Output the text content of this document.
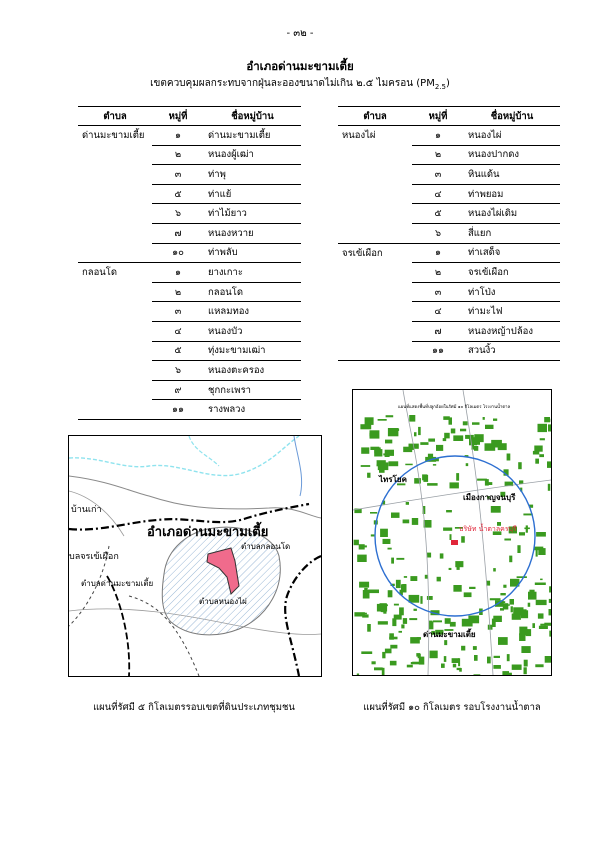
- ๓๒ -
อำเภอด่านมะขามเตี้ย
เขตควบคุมผลกระทบจากฝุ่นละอองขนาดไม่เกิน ๒.๕ ไมครอน $(PM_{2.5})$
ตำบล	หมู่ที่	ชื่อหมู่บ้าน
ด่านมะขามเตี้ย	๑	ด่านมะขามเตี้ย
	๒	หนองผู้เฒ่า
	๓	ท่าพุ
	๕	ท่าแย้
	๖	ท่าไม้ยาว
	๗	หนองหวาย
	๑๐	ท่าพลับ
กลอนโด	๑	ยางเกาะ
	๒	กลอนโด
	๓	แหลมทอง
	๔	หนองบัว
	๕	ทุ่งมะขามเฒ่า
	๖	หนองตะครอง
	๙	ชุกกะเพรา
	๑๑	รางพลวง
ตำบล	หมู่ที่	ชื่อหมู่บ้าน
หนองไผ่	๑	หนองไผ่
	๒	หนองปากดง
	๓	หินแด้น
	๔	ท่าพยอม
	๕	หนองไผ่เดิม
	๖	สี่แยก
จรเข้เผือก	๑	ท่าเสด็จ
	๒	จรเข้เผือก
	๓	ท่าโป่ง
	๔	ท่ามะไฟ
	๗	หนองหญ้าปล้อง
	๑๑	สวนงิ้ว
บ้านเก่า
อำเภอด่านมะขามเตี้ย
บลจรเข้เผือก
ตำบลกลอนโด
ตำบลด่านมะขามเตี้ย
ตำบลหนองไผ่
แผนที่แสดงพื้นที่ปลูกอ้อยในรัศมี ๑๐ กิโลเมตร โรงงานน้ำตาล
ไทรโยค
เมืองกาญจนบุรี
บริษัท น้ำตาลครบุรี
ด่านมะขามเตี้ย
แผนที่รัศมี ๕ กิโลเมตรรอบเขตที่ดินประเภทชุมชน	แผนที่รัศมี ๑๐ กิโลเมตร รอบโรงงานน้ำตาล
